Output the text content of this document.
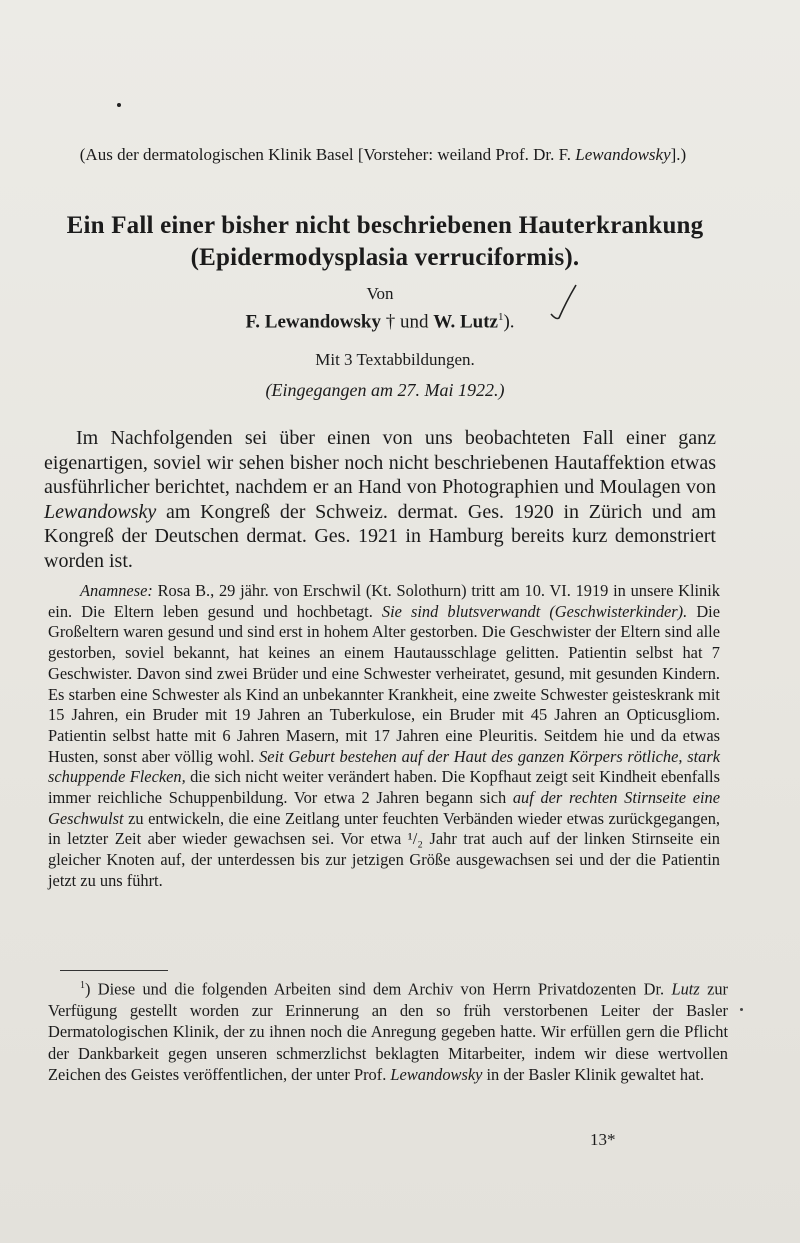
(Aus der dermatologischen Klinik Basel [Vorsteher: weiland Prof. Dr. F. Lewandowsky].)
Ein Fall einer bisher nicht beschriebenen Hauterkrankung
(Epidermodysplasia verruciformis).
Von
F. Lewandowsky † und W. Lutz$^1$).
Mit 3 Textabbildungen.
(Eingegangen am 27. Mai 1922.)
Im Nachfolgenden sei über einen von uns beobachteten Fall einer ganz eigenartigen, soviel wir sehen bisher noch nicht beschriebenen Hautaffektion etwas ausführlicher berichtet, nachdem er an Hand von Photographien und Moulagen von Lewandowsky am Kongreß der Schweiz. dermat. Ges. 1920 in Zürich und am Kongreß der Deutschen dermat. Ges. 1921 in Hamburg bereits kurz demonstriert worden ist.
Anamnese: Rosa B., 29 jähr. von Erschwil (Kt. Solothurn) tritt am 10. VI. 1919 in unsere Klinik ein. Die Eltern leben gesund und hochbetagt. Sie sind blutsverwandt (Geschwisterkinder). Die Großeltern waren gesund und sind erst in hohem Alter gestorben. Die Geschwister der Eltern sind alle gestorben, soviel bekannt, hat keines an einem Hautausschlage gelitten. Patientin selbst hat 7 Geschwister. Davon sind zwei Brüder und eine Schwester verheiratet, gesund, mit gesunden Kindern. Es starben eine Schwester als Kind an unbekannter Krankheit, eine zweite Schwester geisteskrank mit 15 Jahren, ein Bruder mit 19 Jahren an Tuberkulose, ein Bruder mit 45 Jahren an Opticusgliom. Patientin selbst hatte mit 6 Jahren Masern, mit 17 Jahren eine Pleuritis. Seitdem hie und da etwas Husten, sonst aber völlig wohl. Seit Geburt bestehen auf der Haut des ganzen Körpers rötliche, stark schuppende Flecken, die sich nicht weiter verändert haben. Die Kopfhaut zeigt seit Kindheit ebenfalls immer reichliche Schuppenbildung. Vor etwa 2 Jahren begann sich auf der rechten Stirnseite eine Geschwulst zu entwickeln, die eine Zeitlang unter feuchten Verbänden wieder etwas zurückgegangen, in letzter Zeit aber wieder gewachsen sei. Vor etwa ¹/₂ Jahr trat auch auf der linken Stirnseite ein gleicher Knoten auf, der unterdessen bis zur jetzigen Größe ausgewachsen sei und der die Patientin jetzt zu uns führt.
$^1$) Diese und die folgenden Arbeiten sind dem Archiv von Herrn Privatdozenten Dr. Lutz zur Verfügung gestellt worden zur Erinnerung an den so früh verstorbenen Leiter der Basler Dermatologischen Klinik, der zu ihnen noch die Anregung gegeben hatte. Wir erfüllen gern die Pflicht der Dankbarkeit gegen unseren schmerzlichst beklagten Mitarbeiter, indem wir diese wertvollen Zeichen des Geistes veröffentlichen, der unter Prof. Lewandowsky in der Basler Klinik gewaltet hat.
13*
